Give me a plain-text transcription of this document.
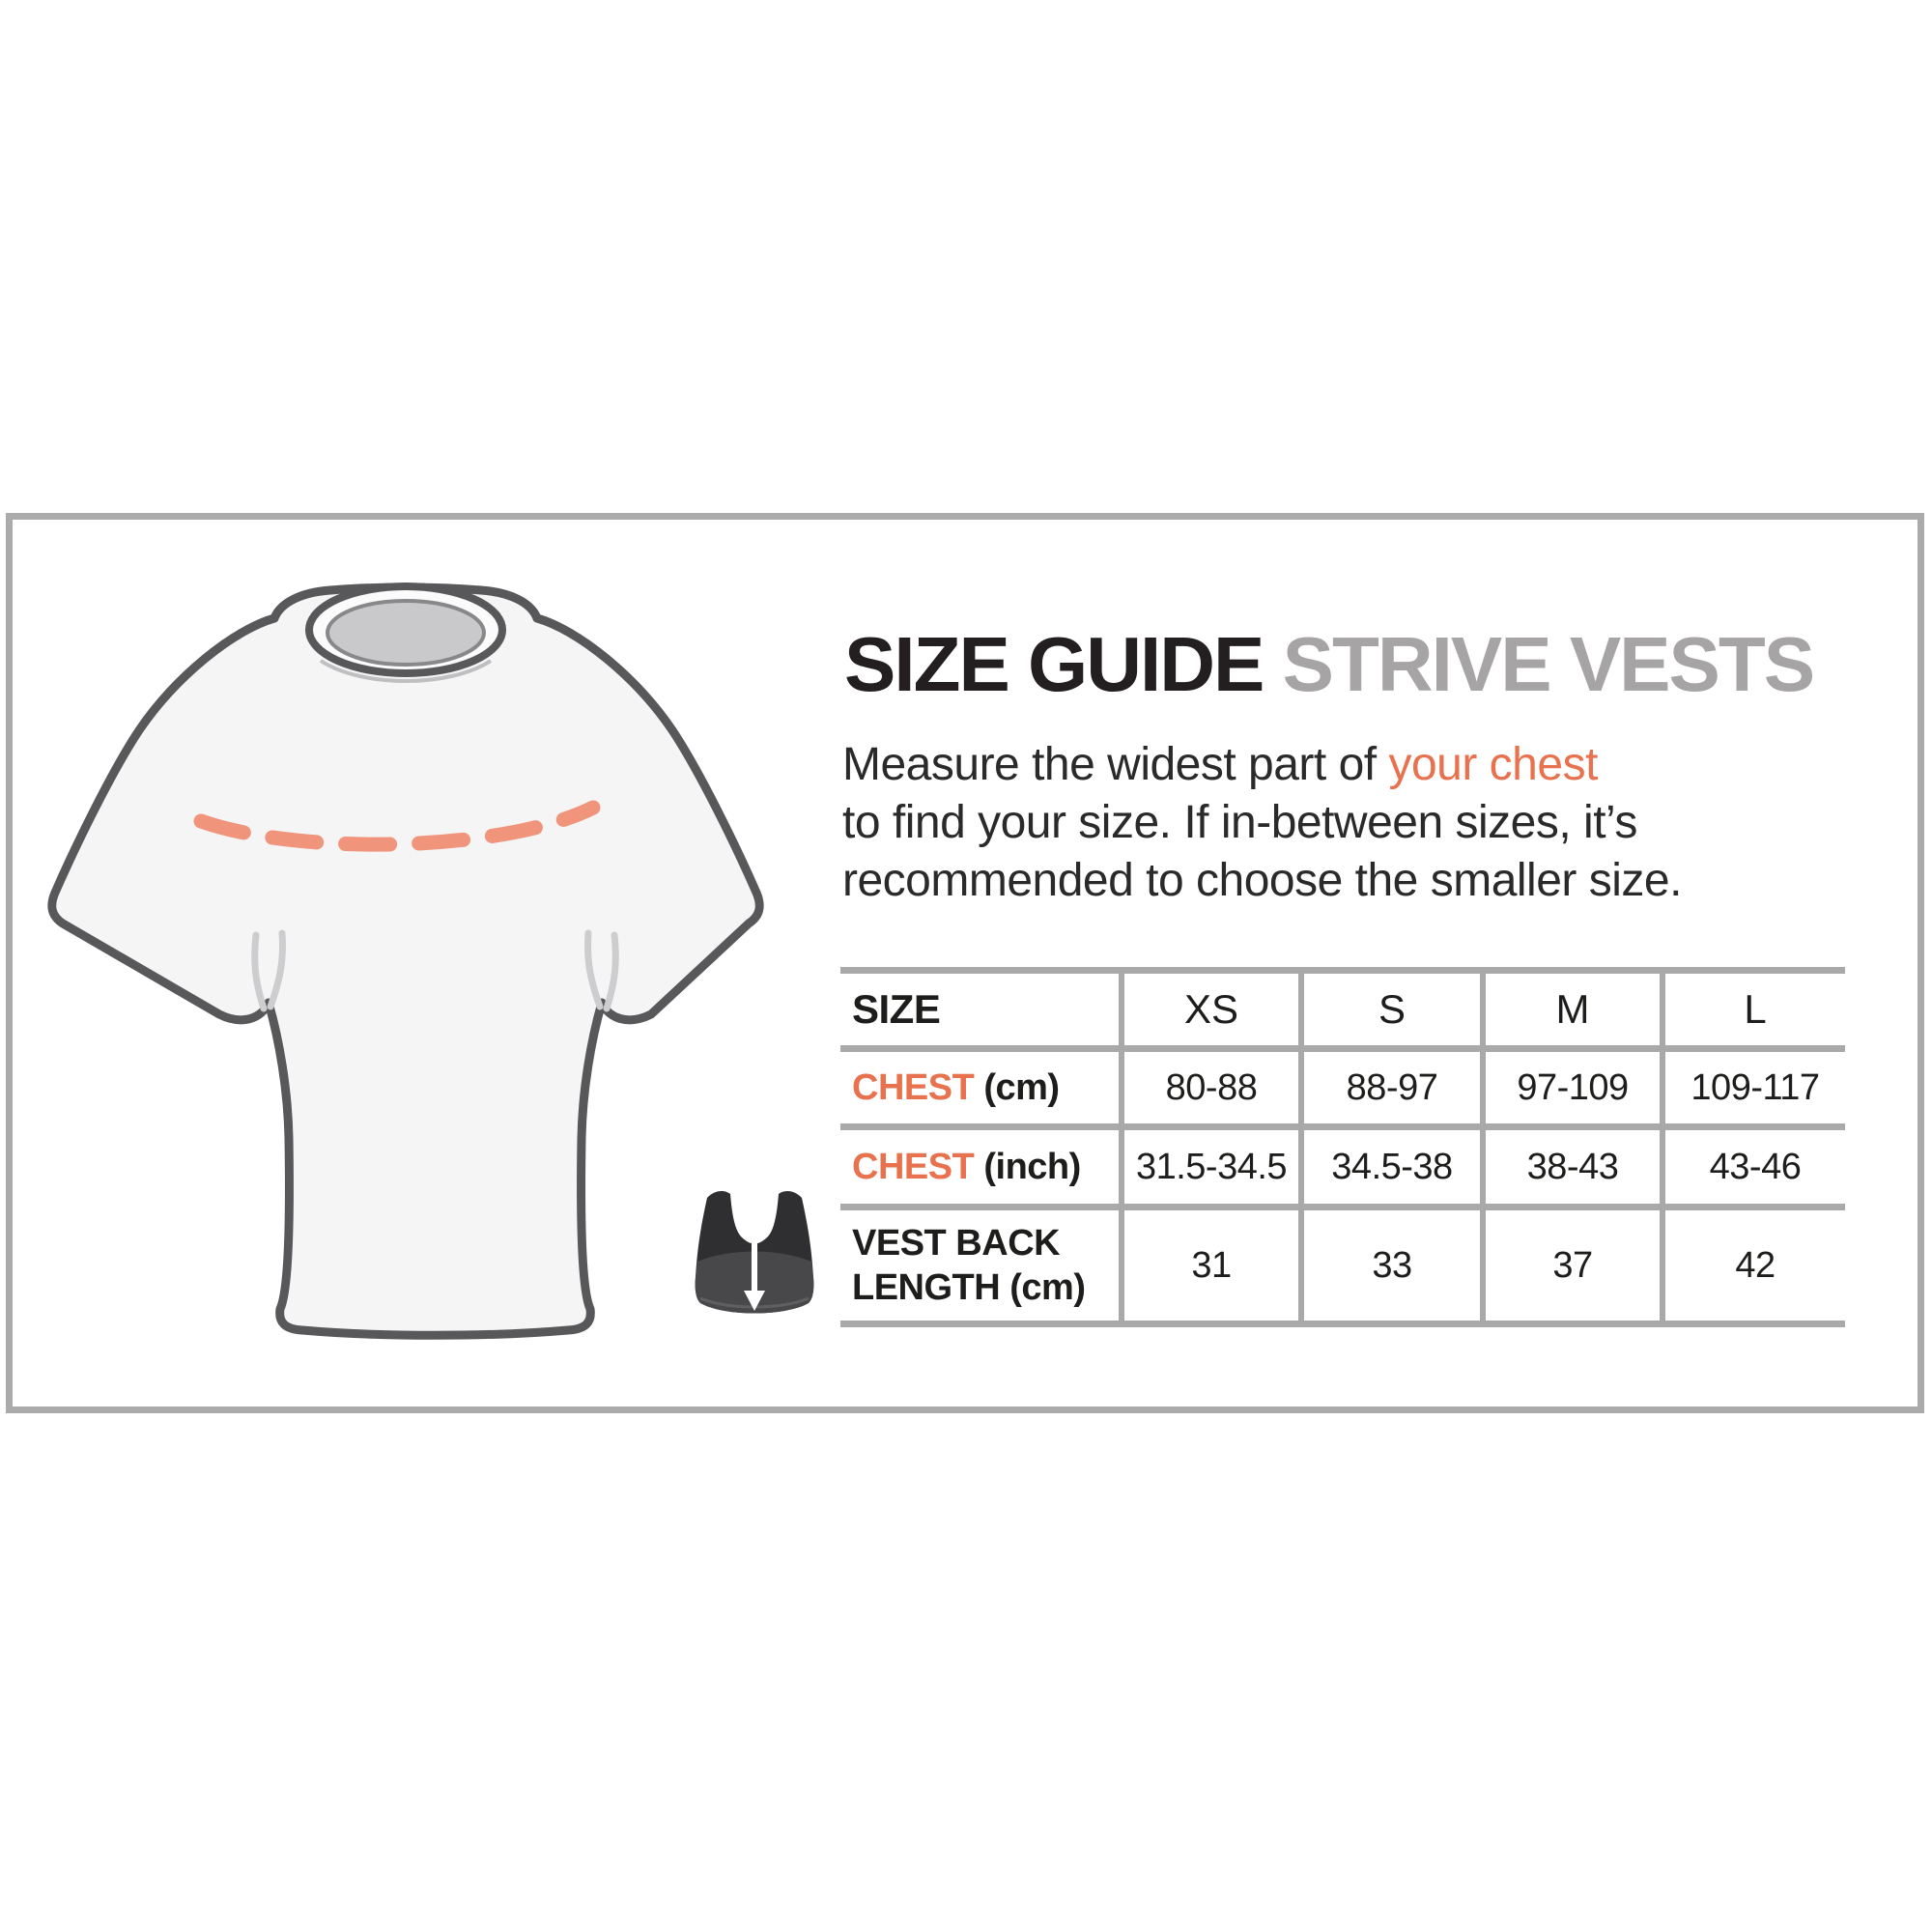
SIZE GUIDE STRIVE VESTS

Measure the widest part of your chest
to find your size. If in-between sizes, it’s
recommended to choose the smaller size.

SIZE	XS	S	M	L
CHEST (cm)	80-88	88-97	97-109	109-117
CHEST (inch)	31.5-34.5	34.5-38	38-43	43-46
VEST BACK LENGTH (cm)	31	33	37	42
